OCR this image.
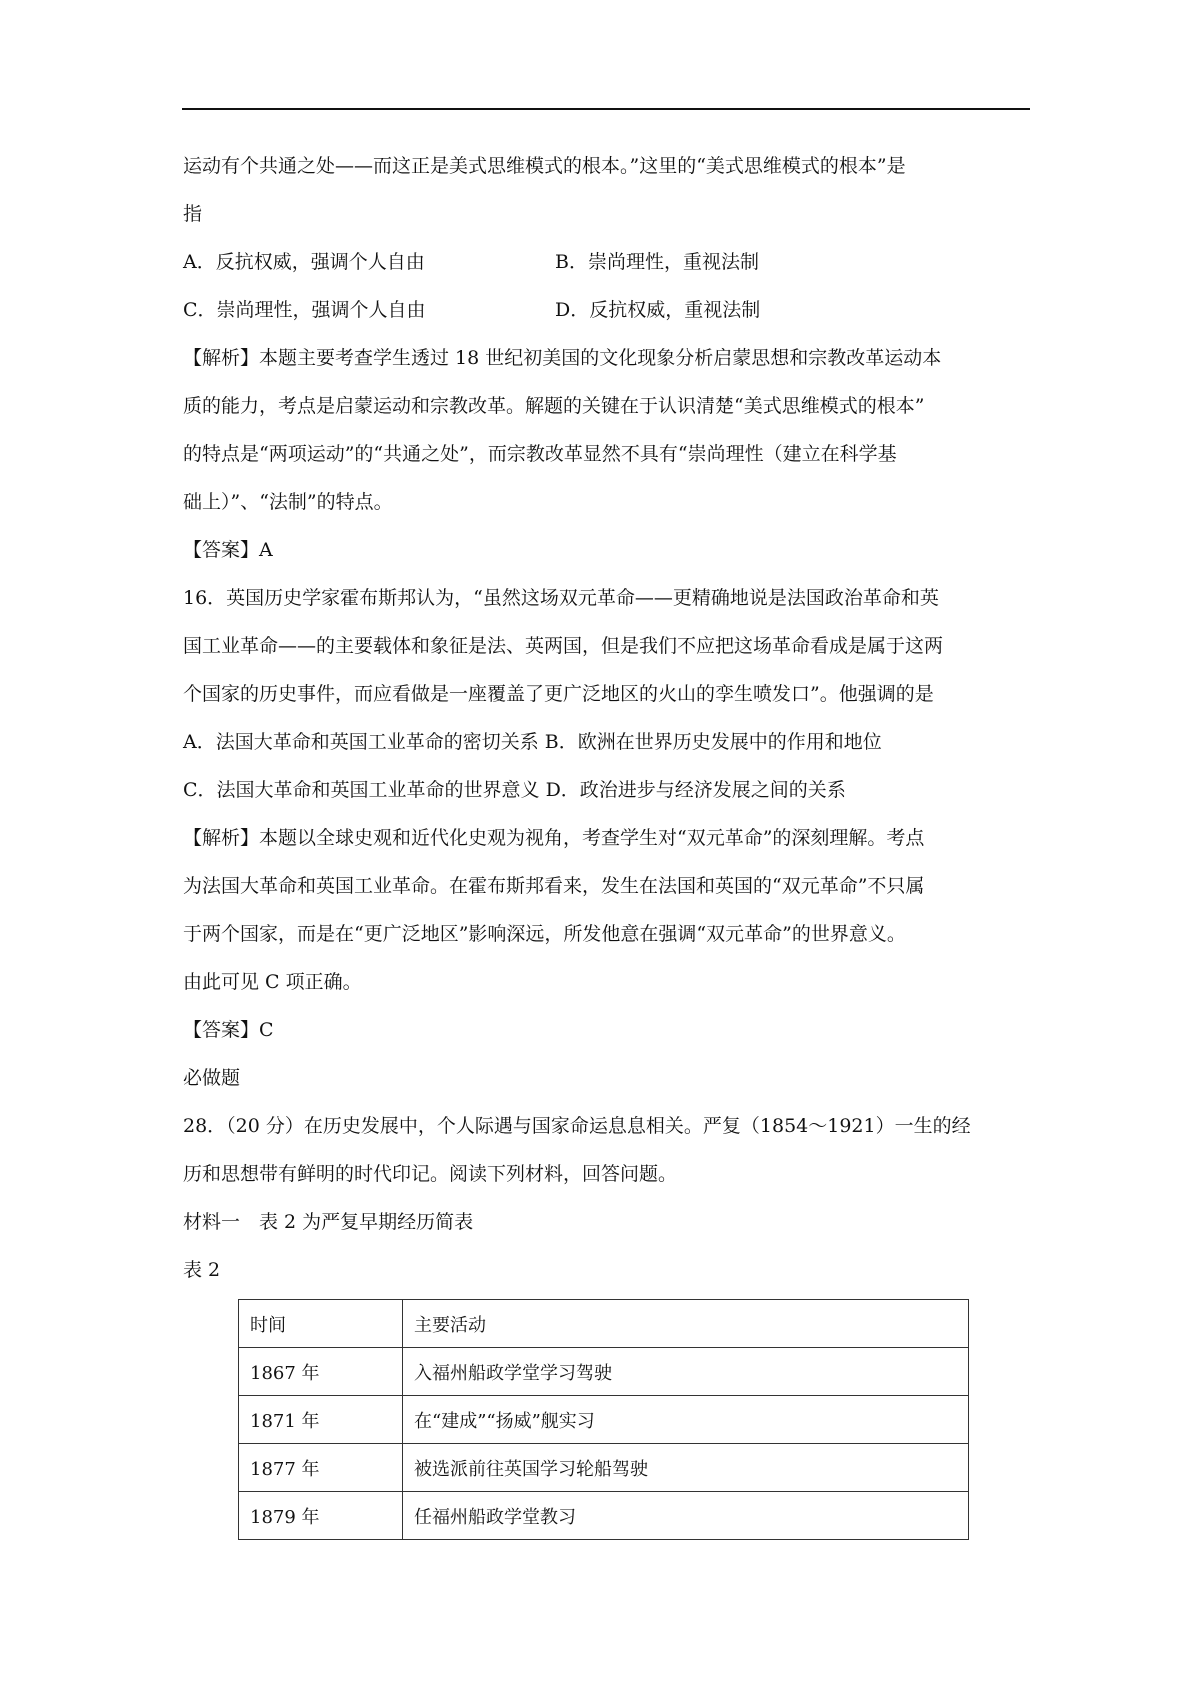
运动有个共通之处——而这正是美式思维模式的根本。”这里的“美式思维模式的根本”是
指
A．反抗权威，强调个人自由	B．崇尚理性，重视法制
C．崇尚理性，强调个人自由	D．反抗权威，重视法制
【解析】本题主要考查学生透过 18 世纪初美国的文化现象分析启蒙思想和宗教改革运动本
质的能力，考点是启蒙运动和宗教改革。解题的关键在于认识清楚“美式思维模式的根本”
的特点是“两项运动”的“共通之处”，而宗教改革显然不具有“崇尚理性（建立在科学基
础上）”、“法制”的特点。
【答案】A
16．英国历史学家霍布斯邦认为，“虽然这场双元革命——更精确地说是法国政治革命和英
国工业革命——的主要载体和象征是法、英两国，但是我们不应把这场革命看成是属于这两
个国家的历史事件，而应看做是一座覆盖了更广泛地区的火山的孪生喷发口”。他强调的是
A．法国大革命和英国工业革命的密切关系 B．欧洲在世界历史发展中的作用和地位
C．法国大革命和英国工业革命的世界意义 D．政治进步与经济发展之间的关系
【解析】本题以全球史观和近代化史观为视角，考查学生对“双元革命”的深刻理解。考点
为法国大革命和英国工业革命。在霍布斯邦看来，发生在法国和英国的“双元革命”不只属
于两个国家，而是在“更广泛地区”影响深远，所发他意在强调“双元革命”的世界意义。
由此可见 C 项正确。
【答案】C
必做题
28．（20 分）在历史发展中，个人际遇与国家命运息息相关。严复（1854～1921）一生的经
历和思想带有鲜明的时代印记。阅读下列材料，回答问题。
材料一　表 2 为严复早期经历简表
表 2
时间	主要活动
1867 年	入福州船政学堂学习驾驶
1871 年	在“建成”“扬威”舰实习
1877 年	被选派前往英国学习轮船驾驶
1879 年	任福州船政学堂教习
